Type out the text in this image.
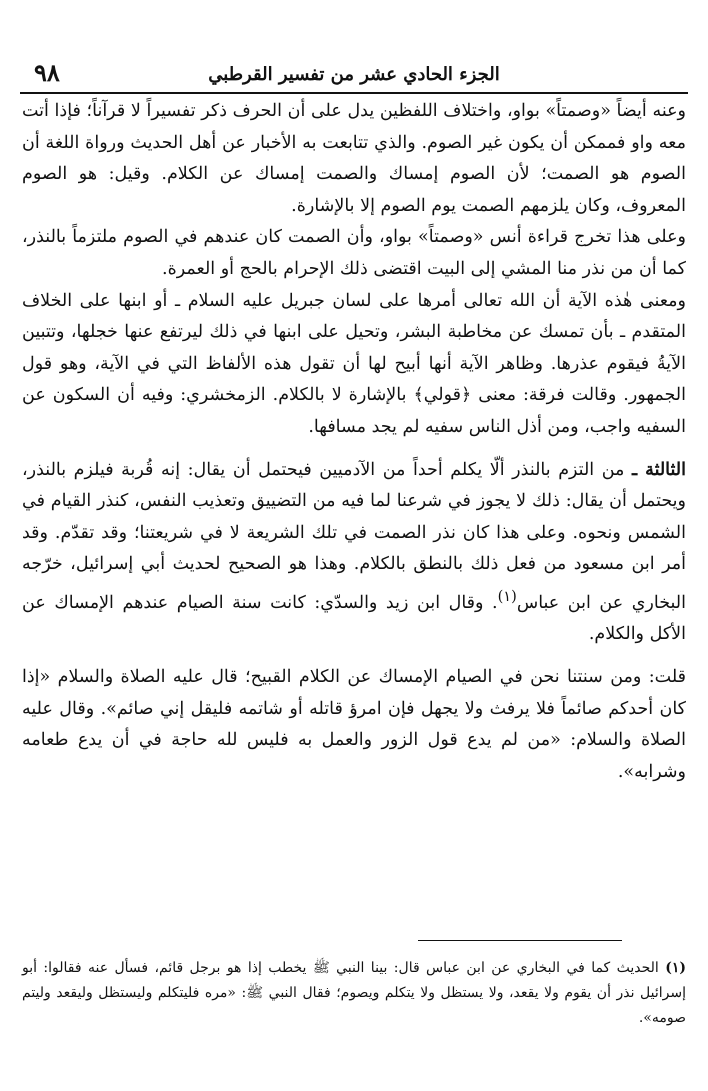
٩٨	الجزء الحادي عشر من تفسير القرطبي

وعنه أيضاً «وصمتاً» بواو، واختلاف اللفظين يدل على أن الحرف ذكر تفسيراً لا قرآناً؛ فإذا أتت معه واو فممكن أن يكون غير الصوم. والذي تتابعت به الأخبار عن أهل الحديث ورواة اللغة أن الصوم هو الصمت؛ لأن الصوم إمساك والصمت إمساك عن الكلام. وقيل: هو الصوم المعروف، وكان يلزمهم الصمت يوم الصوم إلا بالإشارة.

وعلى هذا تخرج قراءة أنس «وصمتاً» بواو، وأن الصمت كان عندهم في الصوم ملتزماً بالنذر، كما أن من نذر منا المشي إلى البيت اقتضى ذلك الإحرام بالحج أو العمرة.

ومعنى هٰذه الآية أن الله تعالى أمرها على لسان جبريل عليه السلام ـ أو ابنها على الخلاف المتقدم ـ بأن تمسك عن مخاطبة البشر، وتحيل على ابنها في ذلك ليرتفع عنها خجلها، وتتبين الآيةُ فيقوم عذرها. وظاهر الآية أنها أبيح لها أن تقول هذه الألفاظ التي في الآية، وهو قول الجمهور. وقالت فرقة: معنى ﴿قولي﴾ بالإشارة لا بالكلام. الزمخشري: وفيه أن السكون عن السفيه واجب، ومن أذل الناس سفيه لم يجد مسافها.

الثالثة ـ من التزم بالنذر ألّا يكلم أحداً من الآدميين فيحتمل أن يقال: إنه قُربة فيلزم بالنذر، ويحتمل أن يقال: ذلك لا يجوز في شرعنا لما فيه من التضييق وتعذيب النفس، كنذر القيام في الشمس ونحوه. وعلى هذا كان نذر الصمت في تلك الشريعة لا في شريعتنا؛ وقد تقدّم. وقد أمر ابن مسعود من فعل ذلك بالنطق بالكلام. وهذا هو الصحيح لحديث أبي إسرائيل، خرّجه البخاري عن ابن عباس$^{(١)}$. وقال ابن زيد والسدّي: كانت سنة الصيام عندهم الإمساك عن الأكل والكلام.

قلت: ومن سنتنا نحن في الصيام الإمساك عن الكلام القبيح؛ قال عليه الصلاة والسلام «إذا كان أحدكم صائماً فلا يرفث ولا يجهل فإن امرؤ قاتله أو شاتمه فليقل إني صائم». وقال عليه الصلاة والسلام: «من لم يدع قول الزور والعمل به فليس لله حاجة في أن يدع طعامه وشرابه».

(١) الحديث كما في البخاري عن ابن عباس قال: بينا النبي ﷺ يخطب إذا هو برجل قائم، فسأل عنه فقالوا: أبو إسرائيل نذر أن يقوم ولا يقعد، ولا يستظل ولا يتكلم ويصوم؛ فقال النبي ﷺ: «مره فليتكلم وليستظل وليقعد وليتم صومه».
